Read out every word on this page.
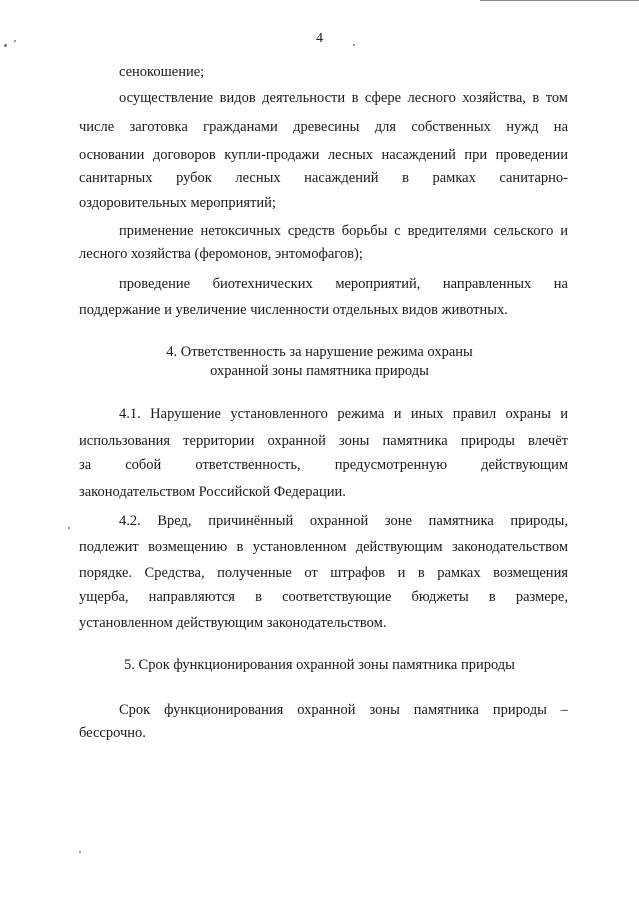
4
сенокошение;
осуществление видов деятельности в сфере лесного хозяйства, в том
числе заготовка гражданами древесины для собственных нужд на
основании договоров купли-продажи лесных насаждений при проведении
санитарных рубок лесных насаждений в рамках санитарно-
оздоровительных мероприятий;
применение нетоксичных средств борьбы с вредителями сельского и
лесного хозяйства (феромонов, энтомофагов);
проведение биотехнических мероприятий, направленных на
поддержание и увеличение численности отдельных видов животных.
4. Ответственность за нарушение режима охраны
охранной зоны памятника природы
4.1. Нарушение установленного режима и иных правил охраны и
использования территории охранной зоны памятника природы влечёт
за собой ответственность, предусмотренную действующим
законодательством Российской Федерации.
4.2. Вред, причинённый охранной зоне памятника природы,
подлежит возмещению в установленном действующим законодательством
порядке. Средства, полученные от штрафов и в рамках возмещения
ущерба, направляются в соответствующие бюджеты в размере,
установленном действующим законодательством.
5. Срок функционирования охранной зоны памятника природы
Срок функционирования охранной зоны памятника природы –
бессрочно.
